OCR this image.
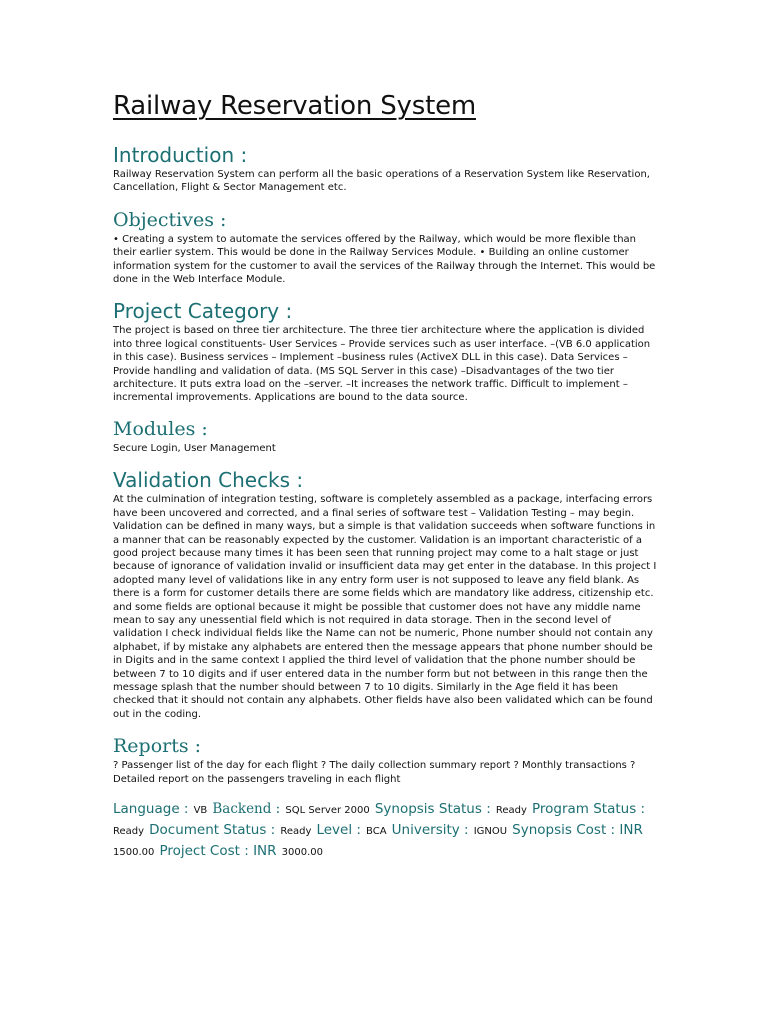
Railway Reservation System
Introduction :

Railway Reservation System can perform all the basic operations of a Reservation System like Reservation, Cancellation, Flight & Sector Management etc.

Objectives :

• Creating a system to automate the services offered by the Railway, which would be more flexible than their earlier system. This would be done in the Railway Services Module. • Building an online customer information system for the customer to avail the services of the Railway through the Internet. This would be done in the Web Interface Module.

Project Category :

The project is based on three tier architecture. The three tier architecture where the application is divided into three logical constituents- User Services – Provide services such as user interface. –(VB 6.0 application in this case). Business services – Implement –business rules (ActiveX DLL in this case). Data Services – Provide handling and validation of data. (MS SQL Server in this case) –Disadvantages of the two tier architecture. It puts extra load on the –server. –It increases the network traffic. Difficult to implement –incremental improvements. Applications are bound to the data source.

Modules :

Secure Login, User Management

Validation Checks :

At the culmination of integration testing, software is completely assembled as a package, interfacing errors have been uncovered and corrected, and a final series of software test – Validation Testing – may begin. Validation can be defined in many ways, but a simple is that validation succeeds when software functions in a manner that can be reasonably expected by the customer. Validation is an important characteristic of a good project because many times it has been seen that running project may come to a halt stage or just because of ignorance of validation invalid or insufficient data may get enter in the database. In this project I adopted many level of validations like in any entry form user is not supposed to leave any field blank. As there is a form for customer details there are some fields which are mandatory like address, citizenship etc. and some fields are optional because it might be possible that customer does not have any middle name mean to say any unessential field which is not required in data storage. Then in the second level of validation I check individual fields like the Name can not be numeric, Phone number should not contain any alphabet, if by mistake any alphabets are entered then the message appears that phone number should be in Digits and in the same context I applied the third level of validation that the phone number should be between 7 to 10 digits and if user entered data in the number form but not between in this range then the message splash that the number should between 7 to 10 digits. Similarly in the Age field it has been checked that it should not contain any alphabets. Other fields have also been validated which can be found out in the coding.

Reports :

? Passenger list of the day for each flight ? The daily collection summary report ? Monthly transactions ? Detailed report on the passengers traveling in each flight

Language : VB Backend : SQL Server 2000 Synopsis Status : Ready Program Status : Ready Document Status : Ready Level : BCA University : IGNOU Synopsis Cost : INR 1500.00 Project Cost : INR 3000.00
